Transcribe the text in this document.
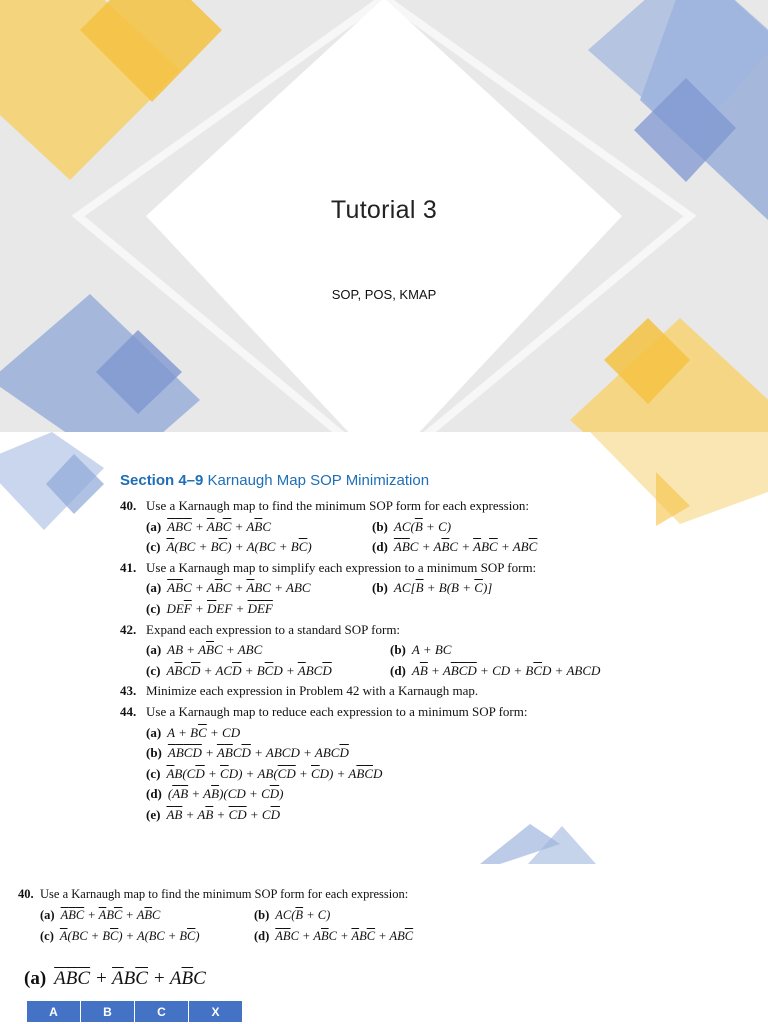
Tutorial 3
SOP, POS, KMAP
Section 4–9 Karnaugh Map SOP Minimization
40. Use a Karnaugh map to find the minimum SOP form for each expression:
(a) $\overline{A}\overline{B}\overline{C} + \overline{A}B\overline{C} + A\overline{B}C$	(b) $AC(\overline{B} + C)$
(c) $\overline{A}(BC + B\overline{C}) + A(BC + B\overline{C})$	(d) $\overline{A}\overline{B}C + A\overline{B}C + \overline{A}B\overline{C} + AB\overline{C}$
41. Use a Karnaugh map to simplify each expression to a minimum SOP form:
(a) $\overline{A}\overline{B}C + A\overline{B}C + \overline{A}BC$ + ABC	(b) $AC[\overline{B} + B(B + \overline{C})]$
(c) $DE\overline{F} + \overline{D}EF + \overline{D}\overline{E}\overline{F}$
42. Expand each expression to a standard SOP form:
(a) AB + $A\overline{B}C$ + ABC	(b) A + BC
(c) $A\overline{B}C\overline{D} + AC\overline{D} + B\overline{C}D + \overline{A}BC\overline{D}$	(d) $A\overline{B} + A\overline{B}\overline{C}\overline{D}$ + CD + $B\overline{C}D$ + ABCD
43. Minimize each expression in Problem 42 with a Karnaugh map.
44. Use a Karnaugh map to reduce each expression to a minimum SOP form:
(a) $A + B\overline{C}$ + CD
(b) $\overline{A}\overline{B}\overline{C}\overline{D} + \overline{A}\overline{B}C\overline{D}$ + ABCD + $ABC\overline{D}$
(c) $\overline{A}B(C\overline{D} + \overline{C}D) + AB(\overline{C}\overline{D} + \overline{C}D) + A\overline{B}\overline{C}D$
(d) $(\overline{A}\overline{B} + A\overline{B})(CD + C\overline{D})$
(e) $\overline{A}\overline{B} + A\overline{B} + \overline{C}\overline{D} + C\overline{D}$
40. Use a Karnaugh map to find the minimum SOP form for each expression:
(a) $\overline{A}\overline{B}\overline{C} + \overline{A}B\overline{C} + A\overline{B}C$	(b) $AC(\overline{B} + C)$
(c) $\overline{A}(BC + B\overline{C}) + A(BC + B\overline{C})$	(d) $\overline{A}\overline{B}C + A\overline{B}C + \overline{A}B\overline{C} + AB\overline{C}$
(a) $\overline{A}\overline{B}\overline{C} + \overline{A}B\overline{C} + A\overline{B}C$
A	B	C	X
